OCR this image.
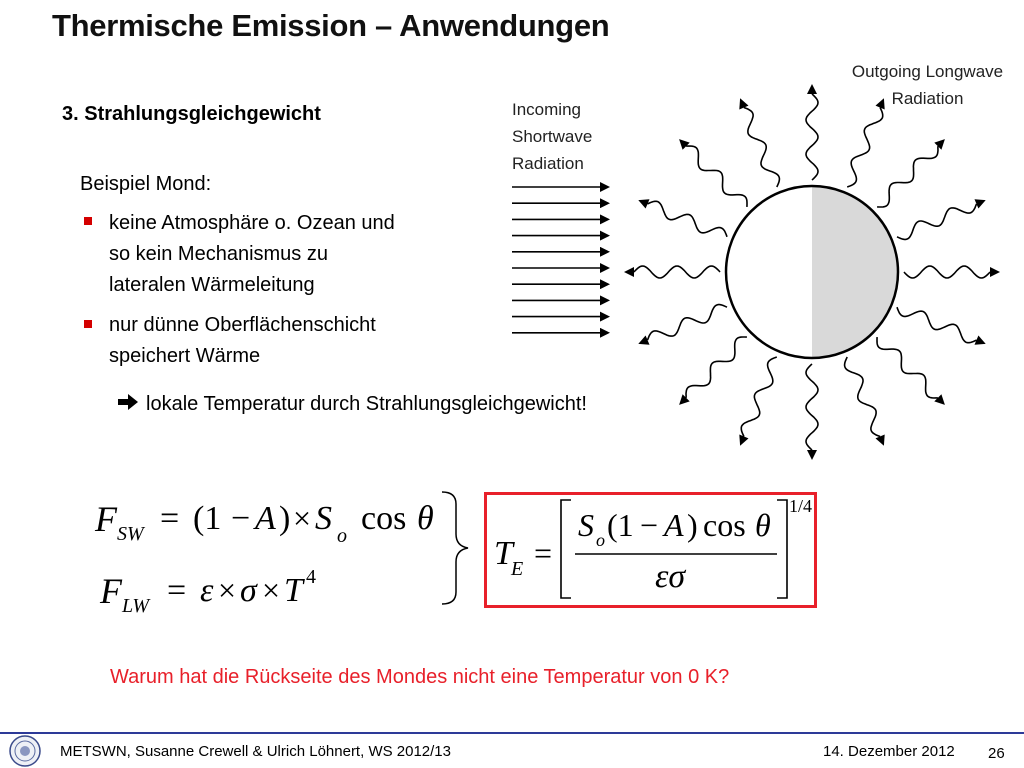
Thermische Emission – Anwendungen
3. Strahlungsgleichgewicht
Beispiel Mond:
keine Atmosphäre o. Ozean und
so kein Mechanismus zu
lateralen Wärmeleitung
nur dünne Oberflächenschicht
speichert Wärme
lokale Temperatur durch Strahlungsgleichgewicht!
Incoming
Shortwave
Radiation
Outgoing Longwave
Radiation
F SW = (1 − A ) × S o cos θ
F LW = ε × σ × T 4
T
E =
S o (1 − A ) cos θ
εσ
1/4
Warum hat die Rückseite des Mondes nicht eine Temperatur von 0 K?
METSWN, Susanne Crewell & Ulrich Löhnert, WS 2012/13	14. Dezember 2012 26
